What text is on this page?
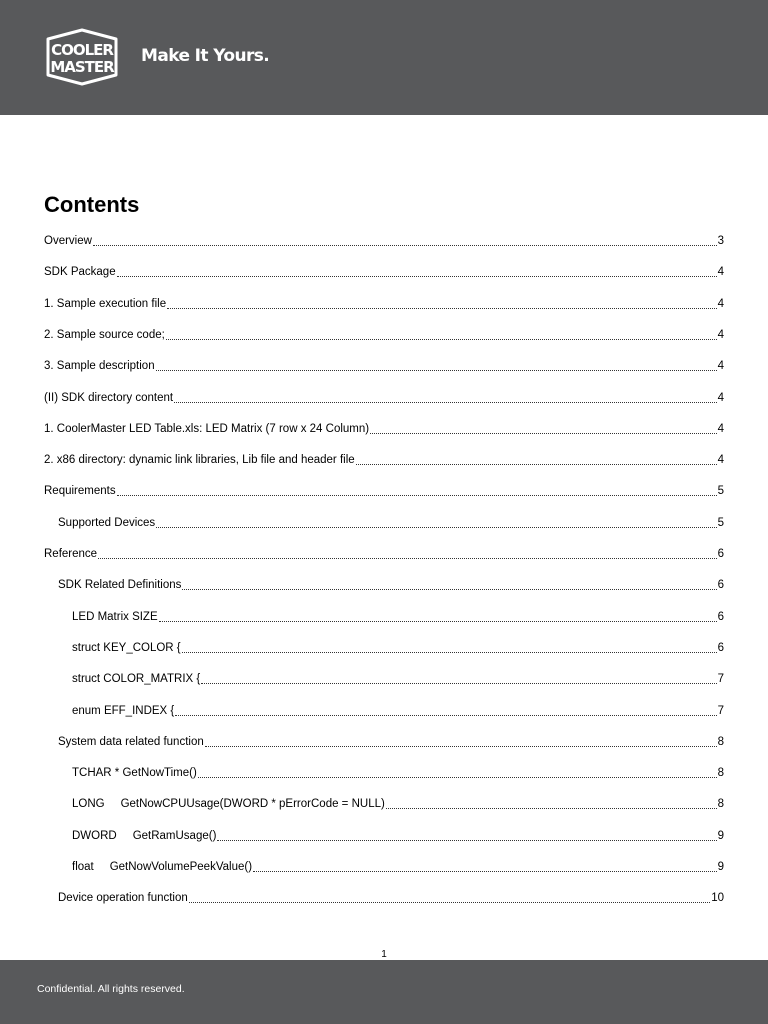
COOLER
MASTER
Make It Yours.
Contents
Overview	3
SDK Package	4
1. Sample execution file	4
2. Sample source code;	4
3. Sample description	4
(II) SDK directory content	4
1. CoolerMaster LED Table.xls: LED Matrix (7 row x 24 Column)	4
2. x86 directory: dynamic link libraries, Lib file and header file	4
Requirements	5
Supported Devices	5
Reference	6
SDK Related Definitions	6
LED Matrix SIZE	6
struct KEY_COLOR {	6
struct COLOR_MATRIX {	7
enum EFF_INDEX {	7
System data related function	8
TCHAR * GetNowTime()	8
LONG     GetNowCPUUsage(DWORD * pErrorCode = NULL)	8
DWORD     GetRamUsage()	9
float     GetNowVolumePeekValue()	9
Device operation function	10
1
Confidential. All rights reserved.
